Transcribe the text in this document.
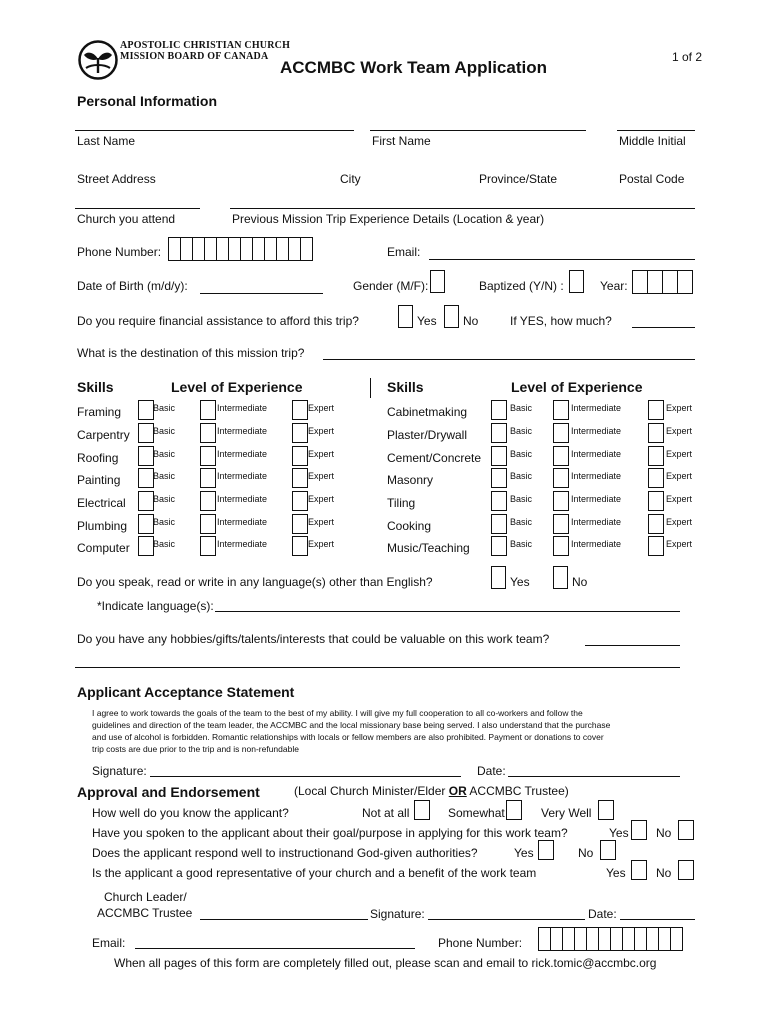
APOSTOLIC CHRISTIAN CHURCH
MISSION BOARD OF CANADA
ACCMBC Work Team Application
1 of 2
Personal Information
Last Name	First Name	Middle Initial
Street Address	City	Province/State	Postal Code
Church you attend	Previous Mission Trip Experience Details (Location & year)
Phone Number:	Email:
Date of Birth (m/d/y):	Gender (M/F):	Baptized (Y/N) :	Year:
Do you require financial assistance to afford this trip?	Yes No	If YES, how much?
What is the destination of this mission trip?
Skills	Level of Experience	Skills	Level of Experience
Framing	Basic	Intermediate	Expert
Carpentry	Basic	Intermediate	Expert
Roofing	Basic	Intermediate	Expert
Painting	Basic	Intermediate	Expert
Electrical	Basic	Intermediate	Expert
Plumbing	Basic	Intermediate	Expert
Computer	Basic	Intermediate	Expert
Cabinetmaking	Basic	Intermediate	Expert
Plaster/Drywall	Basic	Intermediate	Expert
Cement/Concrete	Basic	Intermediate	Expert
Masonry	Basic	Intermediate	Expert
Tiling	Basic	Intermediate	Expert
Cooking	Basic	Intermediate	Expert
Music/Teaching	Basic	Intermediate	Expert
Do you speak, read or write in any language(s) other than English?	Yes	No
*Indicate language(s):
Do you have any hobbies/gifts/talents/interests that could be valuable on this work team?
Applicant Acceptance Statement
I agree to work towards the goals of the team to the best of my ability. I will give my full cooperation to all co-workers and follow the
guidelines and direction of the team leader, the ACCMBC and the local missionary base being served. I also understand that the purchase
and use of alcohol is forbidden. Romantic relationships with locals or fellow members are also prohibited. Payment or donations to cover
trip costs are due prior to the trip and is non-refundable
Signature:	Date:
Approval and Endorsement	(Local Church Minister/Elder OR ACCMBC Trustee)
How well do you know the applicant?	Not at all	Somewhat	Very Well
Have you spoken to the applicant about their goal/purpose in applying for this work team?	Yes No
Does the applicant respond well to instructionand God-given authorities?	Yes	No
Is the applicant a good representative of your church and a benefit of the work team	Yes	No
Church Leader/
ACCMBC Trustee	Signature:	Date:
Email:	Phone Number:
When all pages of this form are completely filled out, please scan and email to rick.tomic@accmbc.org
